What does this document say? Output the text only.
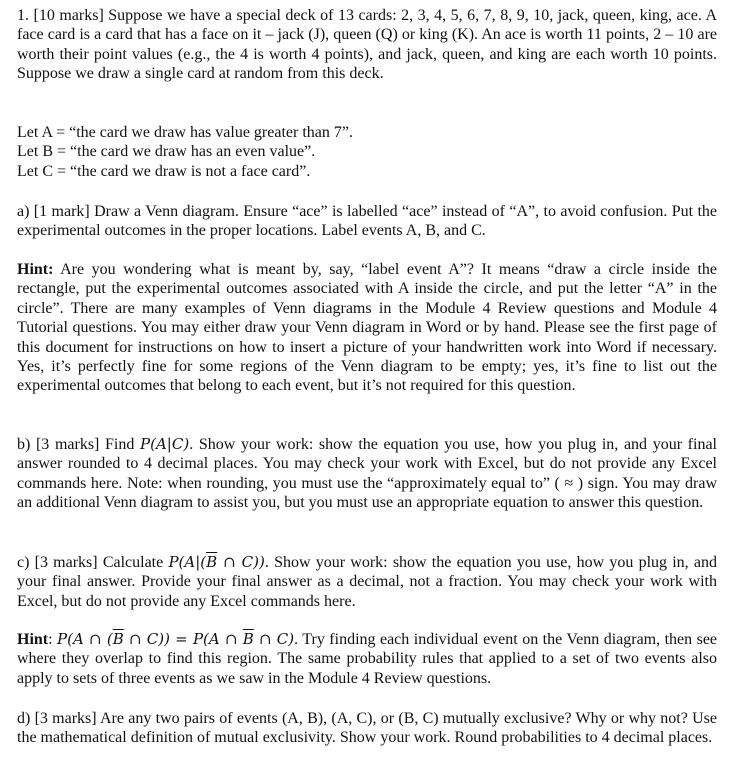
1. [10 marks] Suppose we have a special deck of 13 cards: 2, 3, 4, 5, 6, 7, 8, 9, 10, jack, queen, king, ace. A face card is a card that has a face on it – jack (J), queen (Q) or king (K). An ace is worth 11 points, 2 – 10 are worth their point values (e.g., the 4 is worth 4 points), and jack, queen, and king are each worth 10 points. Suppose we draw a single card at random from this deck.

Let A = “the card we draw has value greater than 7”.
Let B = “the card we draw has an even value”.
Let C = “the card we draw is not a face card”.

a) [1 mark] Draw a Venn diagram. Ensure “ace” is labelled “ace” instead of “A”, to avoid confusion. Put the experimental outcomes in the proper locations. Label events A, B, and C.

Hint: Are you wondering what is meant by, say, “label event A”? It means “draw a circle inside the rectangle, put the experimental outcomes associated with A inside the circle, and put the letter “A” in the circle”. There are many examples of Venn diagrams in the Module 4 Review questions and Module 4 Tutorial questions. You may either draw your Venn diagram in Word or by hand. Please see the first page of this document for instructions on how to insert a picture of your handwritten work into Word if necessary. Yes, it’s perfectly fine for some regions of the Venn diagram to be empty; yes, it’s fine to list out the experimental outcomes that belong to each event, but it’s not required for this question.

b) [3 marks] Find P(A|C). Show your work: show the equation you use, how you plug in, and your final answer rounded to 4 decimal places. You may check your work with Excel, but do not provide any Excel commands here. Note: when rounding, you must use the “approximately equal to” ( ≈ ) sign. You may draw an additional Venn diagram to assist you, but you must use an appropriate equation to answer this question.

c) [3 marks] Calculate $P(A|(\overline{B}$ ∩ C)). Show your work: show the equation you use, how you plug in, and your final answer. Provide your final answer as a decimal, not a fraction. You may check your work with Excel, but do not provide any Excel commands here.

Hint: P(A ∩ ($\overline{B}$ ∩ C)) = P(A ∩ $\overline{B}$ ∩ C). Try finding each individual event on the Venn diagram, then see where they overlap to find this region. The same probability rules that applied to a set of two events also apply to sets of three events as we saw in the Module 4 Review questions.

d) [3 marks] Are any two pairs of events (A, B), (A, C), or (B, C) mutually exclusive? Why or why not? Use the mathematical definition of mutual exclusivity. Show your work. Round probabilities to 4 decimal places.
